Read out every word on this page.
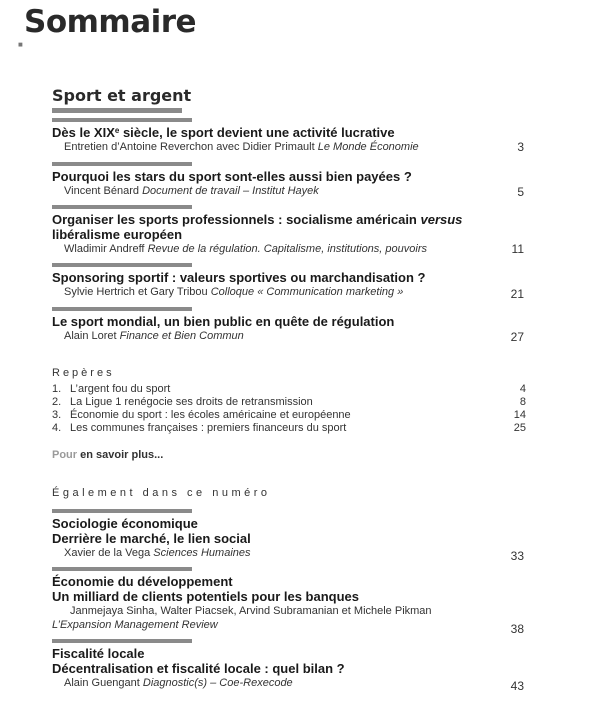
Sommaire
■
Sport et argent
Dès le XIXe siècle, le sport devient une activité lucrative
Entretien d’Antoine Reverchon avec Didier Primault Le Monde Économie	3
Pourquoi les stars du sport sont-elles aussi bien payées ?
Vincent Bénard Document de travail – Institut Hayek	5
Organiser les sports professionnels : socialisme américain versus
libéralisme européen
Wladimir Andreff Revue de la régulation. Capitalisme, institutions, pouvoirs	11
Sponsoring sportif : valeurs sportives ou marchandisation ?
Sylvie Hertrich et Gary Tribou Colloque « Communication marketing »	21
Le sport mondial, un bien public en quête de régulation
Alain Loret Finance et Bien Commun	27
Repères
1. L’argent fou du sport	4
2. La Ligue 1 renégocie ses droits de retransmission	8
3. Économie du sport : les écoles américaine et européenne	14
4. Les communes françaises : premiers financeurs du sport	25
Pour en savoir plus...
Également dans ce numéro
Sociologie économique
Derrière le marché, le lien social
Xavier de la Vega Sciences Humaines	33
Économie du développement
Un milliard de clients potentiels pour les banques
Janmejaya Sinha, Walter Piacsek, Arvind Subramanian et Michele Pikman
L’Expansion Management Review	38
Fiscalité locale
Décentralisation et fiscalité locale : quel bilan ?
Alain Guengant Diagnostic(s) – Coe-Rexecode	43
